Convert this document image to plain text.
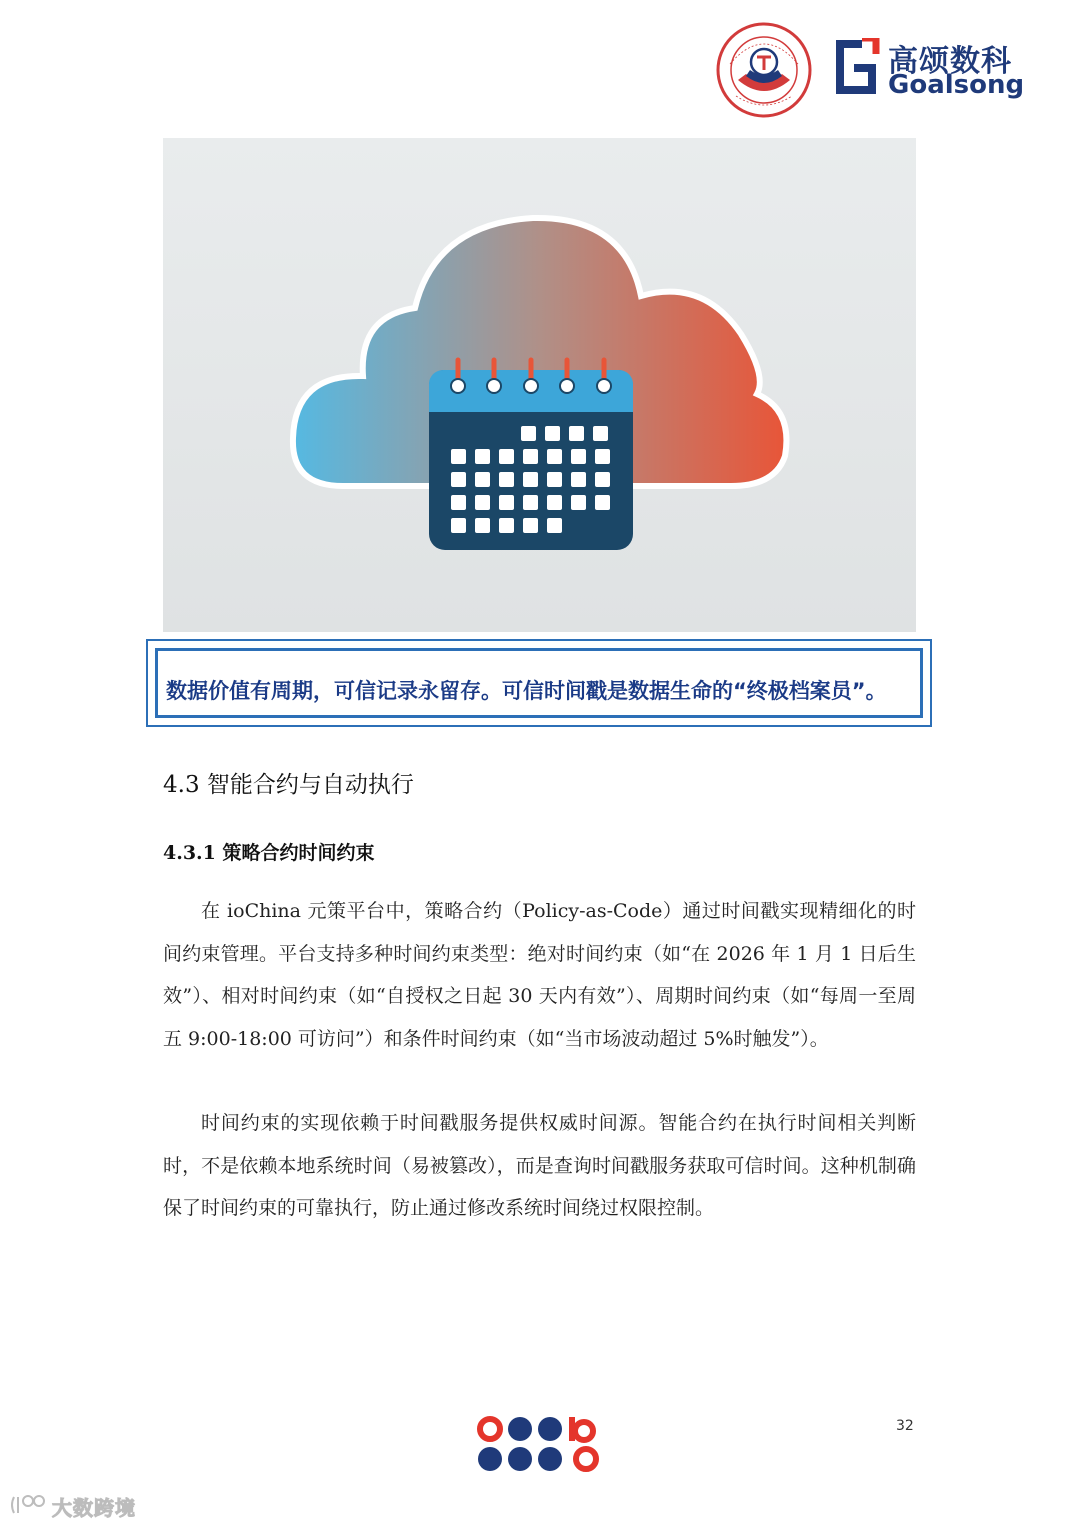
高颂数科
Goalsong
数据价值有周期，可信记录永留存。可信时间戳是数据生命的“终极档案员”。
4.3 智能合约与自动执行
4.3.1 策略合约时间约束

在 ioChina 元策平台中，策略合约（Policy-as-Code）通过时间戳实现精细化的时间约束管理。平台支持多种时间约束类型：绝对时间约束（如“在 2026 年 1 月 1 日后生效”）、相对时间约束（如“自授权之日起 30 天内有效”）、周期时间约束（如“每周一至周五 9:00-18:00 可访问”）和条件时间约束（如“当市场波动超过 5%时触发”）。

时间约束的实现依赖于时间戳服务提供权威时间源。智能合约在执行时间相关判断时，不是依赖本地系统时间（易被篡改），而是查询时间戳服务获取可信时间。这种机制确保了时间约束的可靠执行，防止通过修改系统时间绕过权限控制。

32
大数跨境
